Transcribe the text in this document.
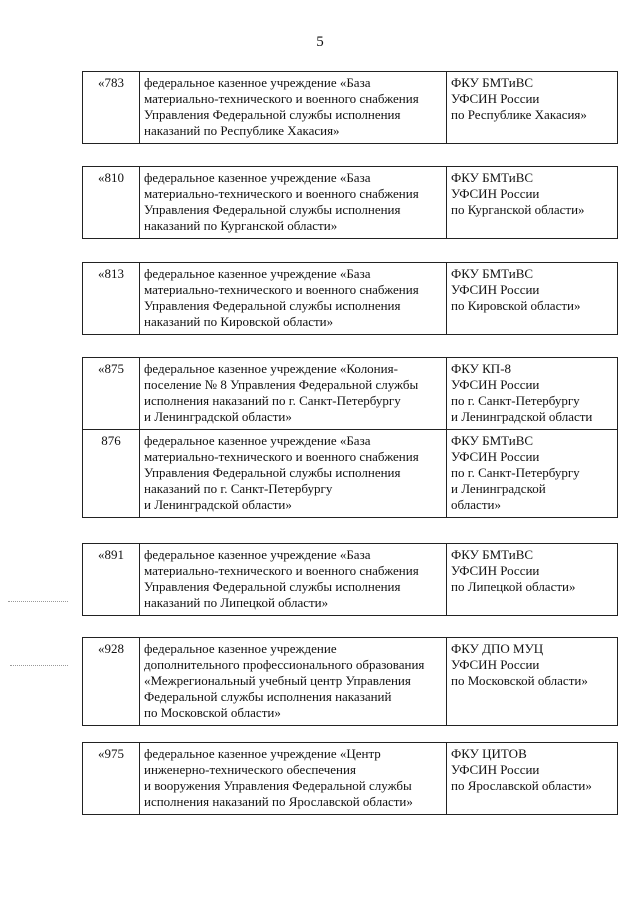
5
«783	федеральное казенное учреждение «База
материально-технического и военного снабжения
Управления Федеральной службы исполнения
наказаний по Республике Хакасия»	ФКУ БМТиВС
УФСИН России
по Республике Хакасия»
«810	федеральное казенное учреждение «База
материально-технического и военного снабжения
Управления Федеральной службы исполнения
наказаний по Курганской области»	ФКУ БМТиВС
УФСИН России
по Курганской области»
«813	федеральное казенное учреждение «База
материально-технического и военного снабжения
Управления Федеральной службы исполнения
наказаний по Кировской области»	ФКУ БМТиВС
УФСИН России
по Кировской области»
«875	федеральное казенное учреждение «Колония-
поселение № 8 Управления Федеральной службы
исполнения наказаний по г. Санкт-Петербургу
и Ленинградской области»	ФКУ КП-8
УФСИН России
по г. Санкт-Петербургу
и Ленинградской области
876	федеральное казенное учреждение «База
материально-технического и военного снабжения
Управления Федеральной службы исполнения
наказаний по г. Санкт-Петербургу
и Ленинградской области»	ФКУ БМТиВС
УФСИН России
по г. Санкт-Петербургу
и Ленинградской
области»
«891	федеральное казенное учреждение «База
материально-технического и военного снабжения
Управления Федеральной службы исполнения
наказаний по Липецкой области»	ФКУ БМТиВС
УФСИН России
по Липецкой области»
«928	федеральное казенное учреждение
дополнительного профессионального образования
«Межрегиональный учебный центр Управления
Федеральной службы исполнения наказаний
по Московской области»	ФКУ ДПО МУЦ
УФСИН России
по Московской области»
«975	федеральное казенное учреждение «Центр
инженерно-технического обеспечения
и вооружения Управления Федеральной службы
исполнения наказаний по Ярославской области»	ФКУ ЦИТОВ
УФСИН России
по Ярославской области»
